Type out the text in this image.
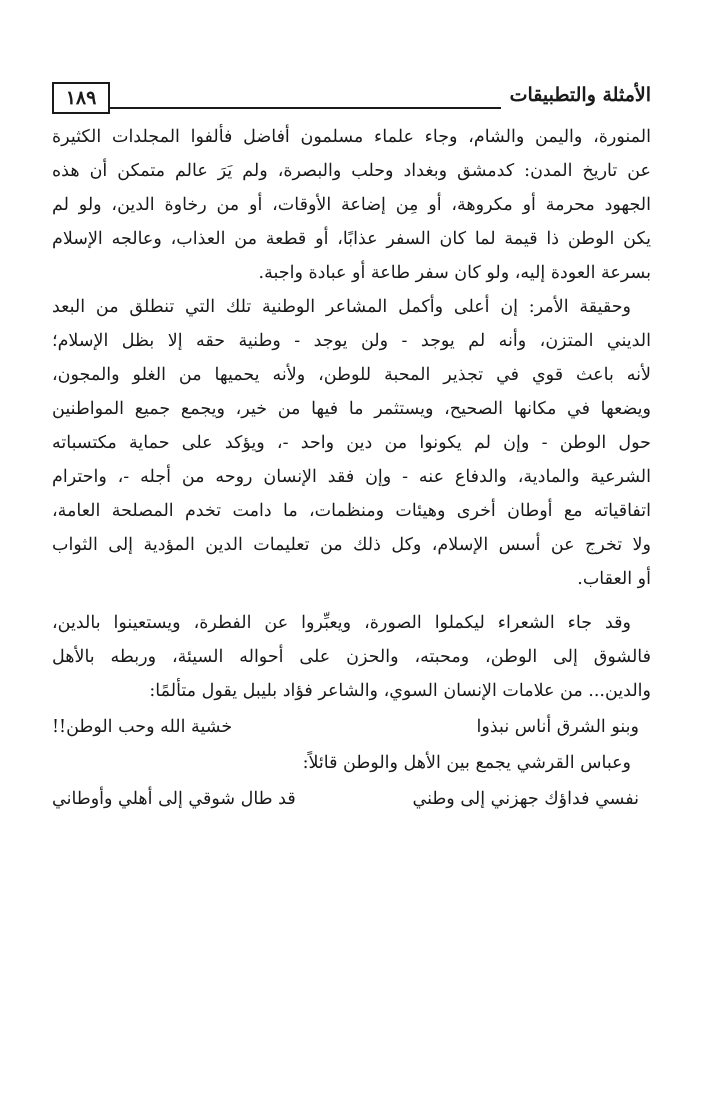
الأمثلة والتطبيقات
١٨٩
المنورة، واليمن والشام، وجاء علماء مسلمون أفاضل فألفوا المجلدات الكثيرة
عن تاريخ المدن: كدمشق وبغداد وحلب والبصرة، ولم يَرَ عالم متمكن أن هذه
الجهود محرمة أو مكروهة، أو مِن إضاعة الأوقات، أو من رخاوة الدين، ولو لم
يكن الوطن ذا قيمة لما كان السفر عذابًا، أو قطعة من العذاب، وعالجه الإسلام
بسرعة العودة إليه، ولو كان سفر طاعة أو عبادة واجبة.
وحقيقة الأمر: إن أعلى وأكمل المشاعر الوطنية تلك التي تنطلق من البعد
الديني المتزن، وأنه لم يوجد - ولن يوجد - وطنية حقه إلا بظل الإسلام؛
لأنه باعث قوي في تجذير المحبة للوطن، ولأنه يحميها من الغلو والمجون،
ويضعها في مكانها الصحيح، ويستثمر ما فيها من خير، ويجمع جميع المواطنين
حول الوطن - وإن لم يكونوا من دين واحد -، ويؤكد على حماية مكتسباته
الشرعية والمادية، والدفاع عنه - وإن فقد الإنسان روحه من أجله -، واحترام
اتفاقياته مع أوطان أخرى وهيئات ومنظمات، ما دامت تخدم المصلحة العامة،
ولا تخرج عن أسس الإسلام، وكل ذلك من تعليمات الدين المؤدية إلى الثواب
أو العقاب.
وقد جاء الشعراء ليكملوا الصورة، ويعبِّروا عن الفطرة، ويستعينوا بالدين،
فالشوق إلى الوطن، ومحبته، والحزن على أحواله السيئة، وربطه بالأهل
والدين... من علامات الإنسان السوي، والشاعر فؤاد بليبل يقول متألمًا:
وبنو الشرق أناس نبذوا
خشية الله وحب الوطن!!
وعباس القرشي يجمع بين الأهل والوطن قائلاً:
نفسي فداؤك جهزني إلى وطني
قد طال شوقي إلى أهلي وأوطاني
